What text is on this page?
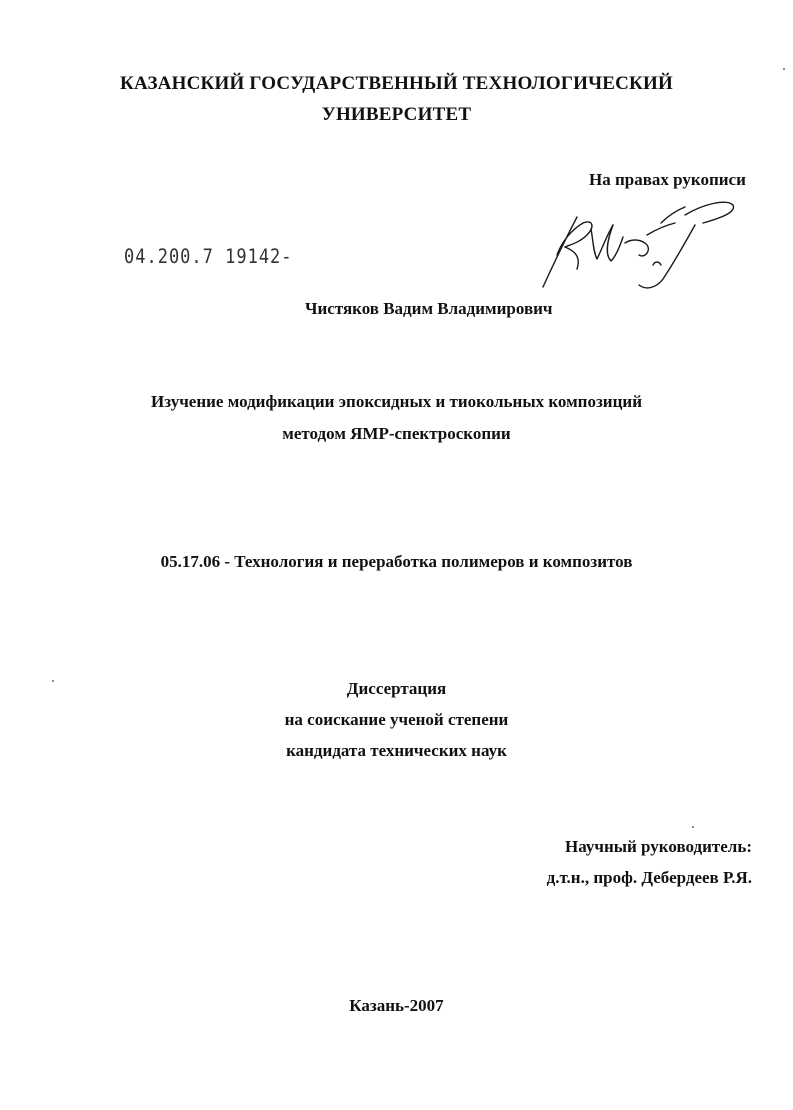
КАЗАНСКИЙ ГОСУДАРСТВЕННЫЙ ТЕХНОЛОГИЧЕСКИЙ

УНИВЕРСИТЕТ

На правах рукописи

04.200.7 19142-

Чистяков Вадим Владимирович

Изучение модификации эпоксидных и тиокольных композиций

методом ЯМР-спектроскопии

05.17.06 - Технология и переработка полимеров и композитов

Диссертация

на соискание ученой степени

кандидата технических наук

Научный руководитель:

д.т.н., проф. Дебердеев Р.Я.

Казань-2007
